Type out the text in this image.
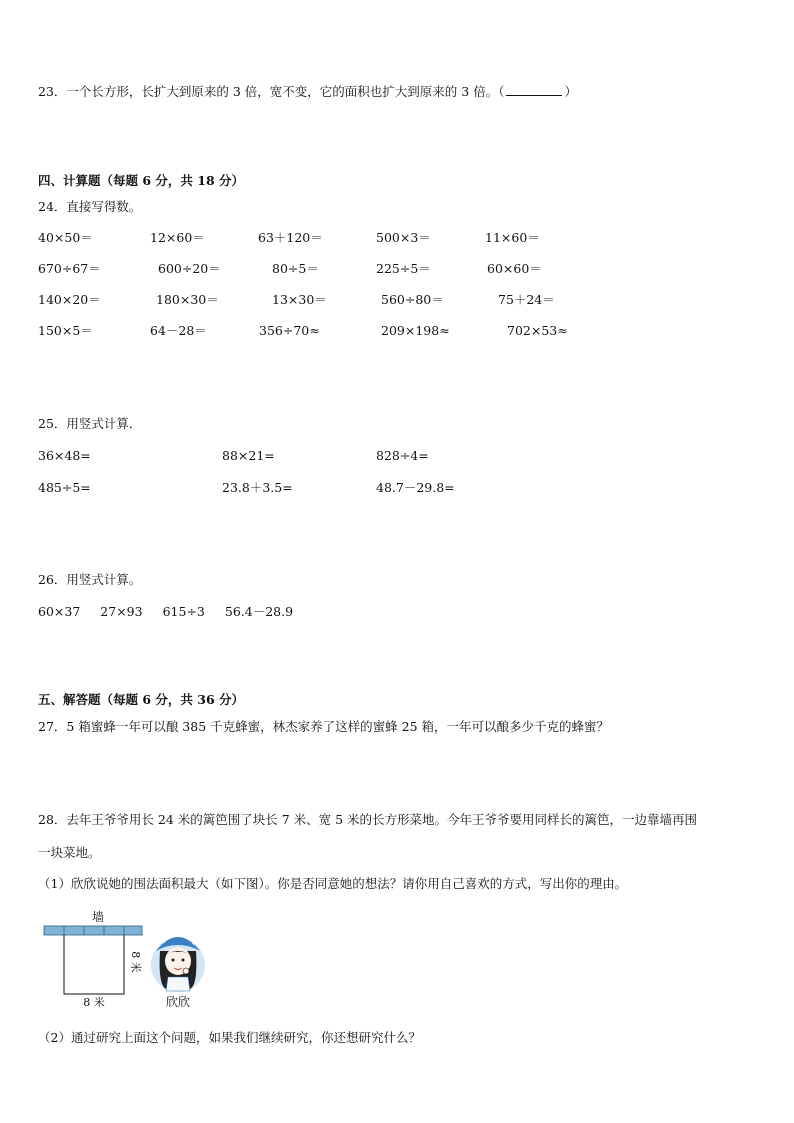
23．一个长方形，长扩大到原来的 3 倍，宽不变，它的面积也扩大到原来的 3 倍。（	）
四、计算题（每题 6 分，共 18 分）
24．直接写得数。
40×50＝	12×60＝	63＋120＝	500×3＝	11×60＝
670÷67＝	600÷20＝	80÷5＝	225÷5＝	60×60＝
140×20＝	180×30＝	13×30＝	560÷80＝	75＋24＝
150×5＝	64－28＝	356÷70≈	209×198≈	702×53≈
25．用竖式计算．
36×48=	88×21=	828÷4=
485÷5=	23.8＋3.5=	48.7－29.8=
26．用竖式计算。
60×37 27×93 615÷3 56.4－28.9
五、解答题（每题 6 分，共 36 分）
27．5 箱蜜蜂一年可以酿 385 千克蜂蜜，林杰家养了这样的蜜蜂 25 箱，一年可以酿多少千克的蜂蜜？
28．去年王爷爷用长 24 米的篱笆围了块长 7 米、宽 5 米的长方形菜地。今年王爷爷要用同样长的篱笆，一边靠墙再围
一块菜地。
（1）欣欣说她的围法面积最大（如下图）。你是否同意她的想法？请你用自己喜欢的方式，写出你的理由。
墙
8 米
8 米	欣欣
（2）通过研究上面这个问题，如果我们继续研究，你还想研究什么？
